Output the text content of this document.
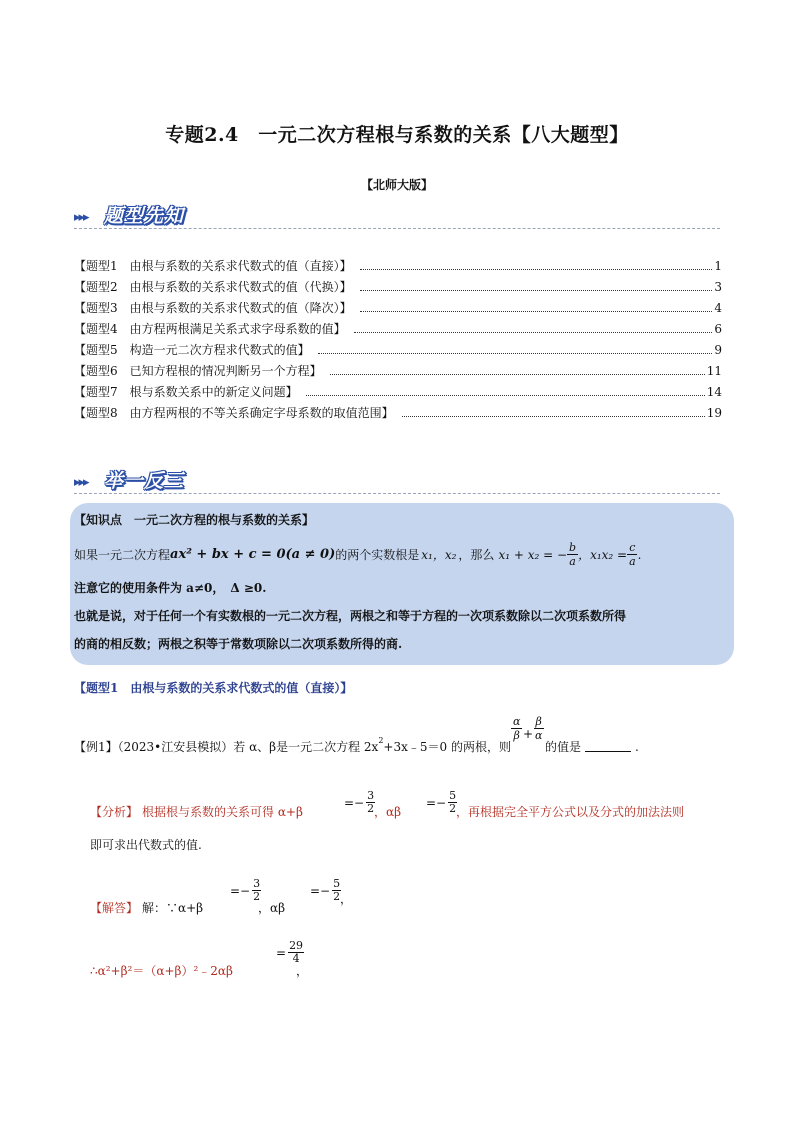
专题2.4　一元二次方程根与系数的关系【八大题型】
【北师大版】
▸▸▸ 题型先知
【题型1　由根与系数的关系求代数式的值（直接）】	1
【题型2　由根与系数的关系求代数式的值（代换）】	3
【题型3　由根与系数的关系求代数式的值（降次）】	4
【题型4　由方程两根满足关系式求字母系数的值】	6
【题型5　构造一元二次方程求代数式的值】	9
【题型6　已知方程根的情况判断另一个方程】	11
【题型7　根与系数关系中的新定义问题】	14
【题型8　由方程两根的不等关系确定字母系数的取值范围】	19
▸▸▸ 举一反三
【知识点　一元二次方程的根与系数的关系】
如果一元二次方程 ax² + bx + c = 0(a ≠ 0) 的两个实数根是 x₁，x₂ ，那么 x₁ + x₂ = − $\frac{b}{a}$ ，$x_1x_2 = \frac{c}{a}$ .
注意它的使用条件为 a≠0，　Δ ≥0.
也就是说，对于任何一个有实数根的一元二次方程，两根之和等于方程的一次项系数除以二次项系数所得
的商的相反数；两根之积等于常数项除以二次项系数所得的商.
【题型1　由根与系数的关系求代数式的值（直接）】
【例1】（2023•江安县模拟）若 α、β是一元二次方程 $2x^2$ +3x﹣5＝0 的两根，则
$\frac{\alpha}{\beta} + \frac{\beta}{\alpha}$
的值是	.
【分析】 根据根与系数的关系可得 α+β
=− $\frac{3}{2}$
，αβ
=− $\frac{5}{2}$
，再根据完全平方公式以及分式的加法法则
即可求出代数式的值.
【解答】 解：∵α+β
=− $\frac{3}{2}$
，αβ
=− $\frac{5}{2}$
，
∴α²+β²＝（α+β）²﹣2αβ
= $\frac{29}{4}$
，
